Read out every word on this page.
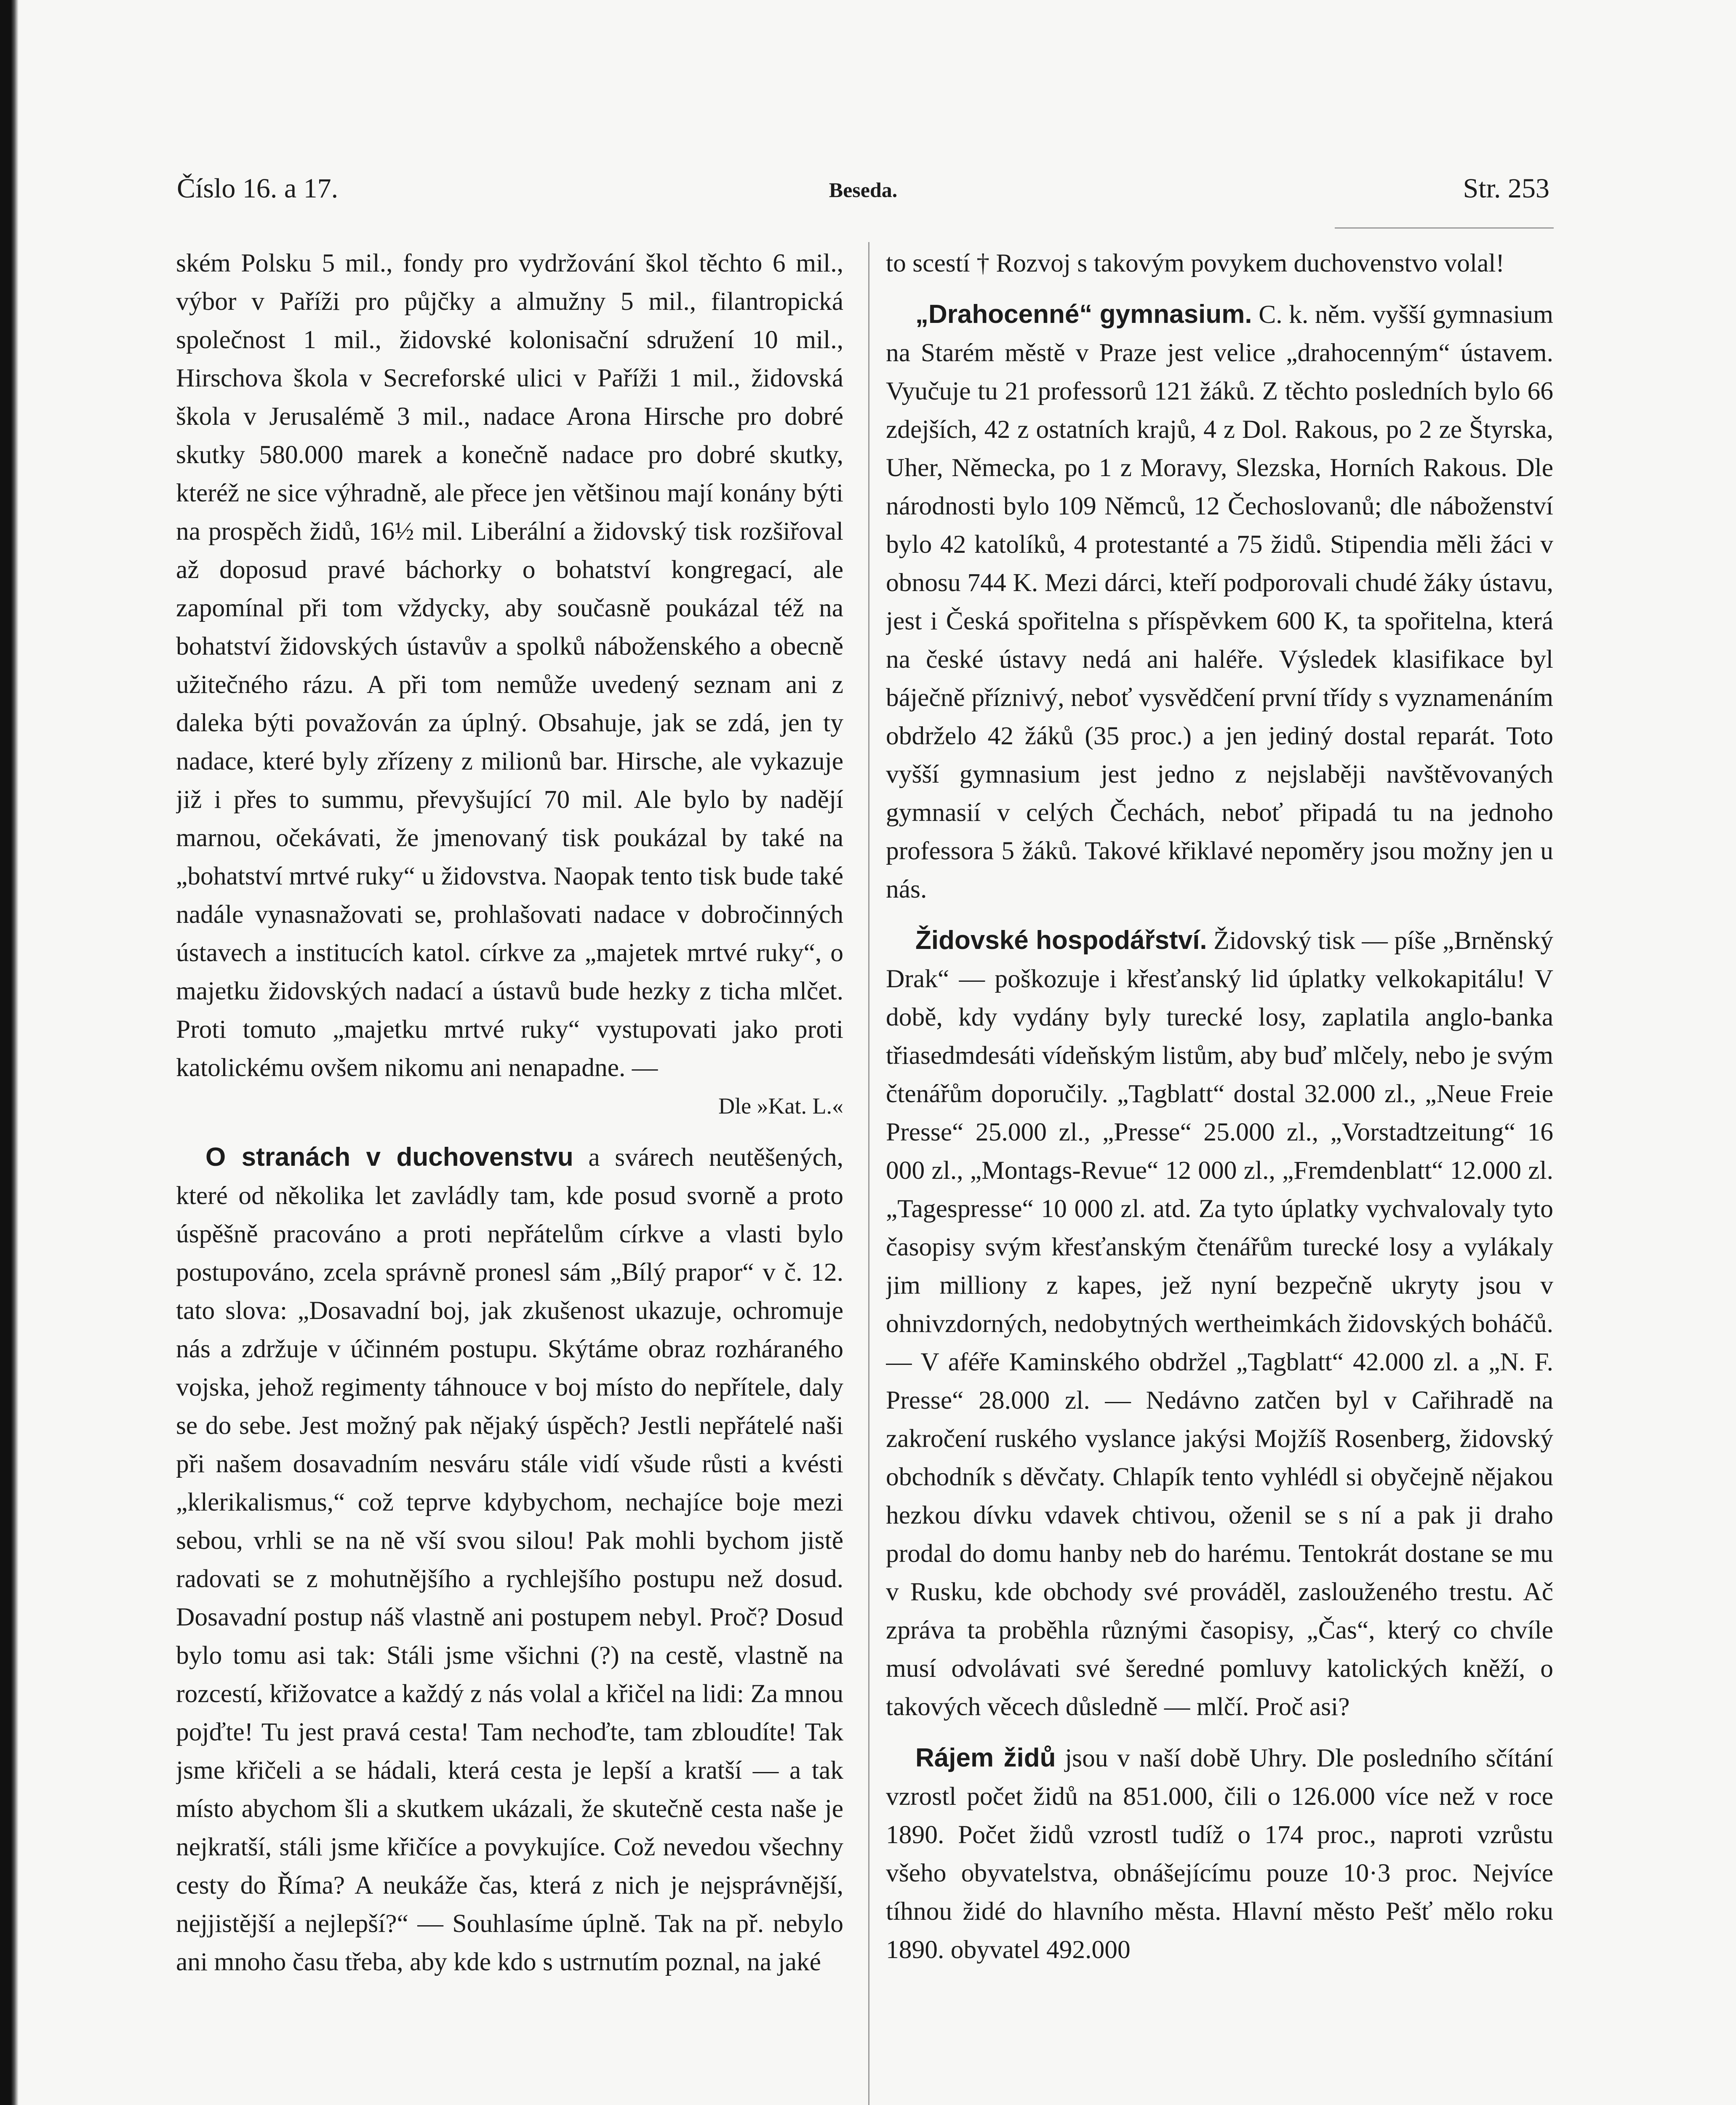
Číslo 16. a 17.	Beseda.	Str. 253

ském Polsku 5 mil., fondy pro vydržování škol těchto 6 mil., výbor v Paříži pro půjčky a almužny 5 mil., filantropická společnost 1 mil., židovské kolonisační sdružení 10 mil., Hirschova škola v Secreforské ulici v Paříži 1 mil., židovská škola v Jerusalémě 3 mil., nadace Arona Hirsche pro dobré skutky 580.000 marek a konečně nadace pro dobré skutky, kteréž ne sice výhradně, ale přece jen většinou mají konány býti na prospěch židů, 16½ mil. Liberální a židovský tisk rozšiřoval až doposud pravé báchorky o bohatství kongregací, ale zapomínal při tom vždycky, aby současně poukázal též na bohatství židovských ústavův a spolků náboženského a obecně užitečného rázu. A při tom nemůže uvedený seznam ani z daleka býti považován za úplný. Obsahuje, jak se zdá, jen ty nadace, které byly zřízeny z milionů bar. Hirsche, ale vykazuje již i přes to summu, převyšující 70 mil. Ale bylo by nadějí marnou, očekávati, že jmenovaný tisk poukázal by také na „bohatství mrtvé ruky“ u židovstva. Naopak tento tisk bude také nadále vynasnažovati se, prohlašovati nadace v dobročinných ústavech a institucích katol. církve za „majetek mrtvé ruky“, o majetku židovských nadací a ústavů bude hezky z ticha mlčet. Proti tomuto „majetku mrtvé ruky“ vystupovati jako proti katolickému ovšem nikomu ani nenapadne. —

Dle »Kat. L.«

O stranách v duchovenstvu a svárech neutěšených, které od několika let zavládly tam, kde posud svorně a proto úspěšně pracováno a proti nepřátelům církve a vlasti bylo postupováno, zcela správně pronesl sám „Bílý prapor“ v č. 12. tato slova: „Dosavadní boj, jak zkušenost ukazuje, ochromuje nás a zdržuje v účinném postupu. Skýtáme obraz rozháraného vojska, jehož regimenty táhnouce v boj místo do nepřítele, daly se do sebe. Jest možný pak nějaký úspěch? Jestli nepřátelé naši při našem dosavadním nesváru stále vidí všude růsti a kvésti „klerikalismus,“ což teprve kdybychom, nechajíce boje mezi sebou, vrhli se na ně vší svou silou! Pak mohli bychom jistě radovati se z mohutnějšího a rychlejšího postupu než dosud. Dosavadní postup náš vlastně ani postupem nebyl. Proč? Dosud bylo tomu asi tak: Stáli jsme všichni (?) na cestě, vlastně na rozcestí, křižovatce a každý z nás volal a křičel na lidi: Za mnou pojďte! Tu jest pravá cesta! Tam nechoďte, tam zbloudíte! Tak jsme křičeli a se hádali, která cesta je lepší a kratší — a tak místo abychom šli a skutkem ukázali, že skutečně cesta naše je nejkratší, stáli jsme křičíce a povykujíce. Což nevedou všechny cesty do Říma? A neukáže čas, která z nich je nejsprávnější, nejjistější a nejlepší?“ — Souhlasíme úplně. Tak na př. nebylo ani mnoho času třeba, aby kde kdo s ustrnutím poznal, na jaké

to scestí † Rozvoj s takovým povykem duchovenstvo volal!

„Drahocenné“ gymnasium. C. k. něm. vyšší gymnasium na Starém městě v Praze jest velice „drahocenným“ ústavem. Vyučuje tu 21 professorů 121 žáků. Z těchto posledních bylo 66 zdejších, 42 z ostatních krajů, 4 z Dol. Rakous, po 2 ze Štyrska, Uher, Německa, po 1 z Moravy, Slezska, Horních Rakous. Dle národnosti bylo 109 Němců, 12 Čechoslovanů; dle náboženství bylo 42 katolíků, 4 protestanté a 75 židů. Stipendia měli žáci v obnosu 744 K. Mezi dárci, kteří podporovali chudé žáky ústavu, jest i Česká spořitelna s příspěvkem 600 K, ta spořitelna, která na české ústavy nedá ani haléře. Výsledek klasifikace byl báječně příznivý, neboť vysvědčení první třídy s vyznamenáním obdrželo 42 žáků (35 proc.) a jen jediný dostal reparát. Toto vyšší gymnasium jest jedno z nejslaběji navštěvovaných gymnasií v celých Čechách, neboť připadá tu na jednoho professora 5 žáků. Takové křiklavé nepoměry jsou možny jen u nás.

Židovské hospodářství. Židovský tisk — píše „Brněnský Drak“ — poškozuje i křesťanský lid úplatky velkokapitálu! V době, kdy vydány byly turecké losy, zaplatila anglo-banka třiasedmdesáti vídeňským listům, aby buď mlčely, nebo je svým čtenářům doporučily. „Tagblatt“ dostal 32.000 zl., „Neue Freie Presse“ 25.000 zl., „Presse“ 25.000 zl., „Vorstadtzeitung“ 16 000 zl., „Montags-Revue“ 12 000 zl., „Fremdenblatt“ 12.000 zl. „Tagespresse“ 10 000 zl. atd. Za tyto úplatky vychvalovaly tyto časopisy svým křesťanským čtenářům turecké losy a vylákaly jim milliony z kapes, jež nyní bezpečně ukryty jsou v ohnivzdorných, nedobytných wertheimkách židovských boháčů. — V aféře Kaminského obdržel „Tagblatt“ 42.000 zl. a „N. F. Presse“ 28.000 zl. — Nedávno zatčen byl v Cařihradě na zakročení ruského vyslance jakýsi Mojžíš Rosenberg, židovský obchodník s děvčaty. Chlapík tento vyhlédl si obyčejně nějakou hezkou dívku vdavek chtivou, oženil se s ní a pak ji draho prodal do domu hanby neb do harému. Tentokrát dostane se mu v Rusku, kde obchody své prováděl, zaslouženého trestu. Ač zpráva ta proběhla různými časopisy, „Čas“, který co chvíle musí odvolávati své šeredné pomluvy katolických kněží, o takových věcech důsledně — mlčí. Proč asi?

Rájem židů jsou v naší době Uhry. Dle posledního sčítání vzrostl počet židů na 851.000, čili o 126.000 více než v roce 1890. Počet židů vzrostl tudíž o 174 proc., naproti vzrůstu všeho obyvatelstva, obnášejícímu pouze 10·3 proc. Nejvíce tíhnou židé do hlavního města. Hlavní město Pešť mělo roku 1890. obyvatel 492.000
